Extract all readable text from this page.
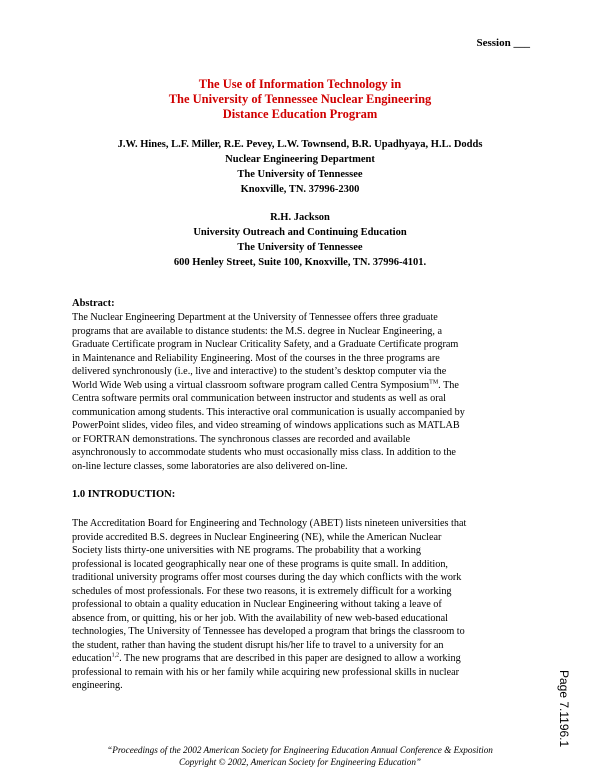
Session ___
The Use of Information Technology in
The University of Tennessee Nuclear Engineering
Distance Education Program
J.W. Hines, L.F. Miller, R.E. Pevey, L.W. Townsend, B.R. Upadhyaya, H.L. Dodds
Nuclear Engineering Department
The University of Tennessee
Knoxville, TN. 37996-2300
R.H. Jackson
University Outreach and Continuing Education
The University of Tennessee
600 Henley Street, Suite 100, Knoxville, TN. 37996-4101.
Abstract:
The Nuclear Engineering Department at the University of Tennessee offers three graduate
programs that are available to distance students: the M.S. degree in Nuclear Engineering, a
Graduate Certificate program in Nuclear Criticality Safety, and a Graduate Certificate program
in Maintenance and Reliability Engineering. Most of the courses in the three programs are
delivered synchronously (i.e., live and interactive) to the student’s desktop computer via the
World Wide Web using a virtual classroom software program called Centra Symposium™. The
Centra software permits oral communication between instructor and students as well as oral
communication among students. This interactive oral communication is usually accompanied by
PowerPoint slides, video files, and video streaming of windows applications such as MATLAB
or FORTRAN demonstrations. The synchronous classes are recorded and available
asynchronously to accommodate students who must occasionally miss class. In addition to the
on-line lecture classes, some laboratories are also delivered on-line.
1.0 INTRODUCTION:
The Accreditation Board for Engineering and Technology (ABET) lists nineteen universities that
provide accredited B.S. degrees in Nuclear Engineering (NE), while the American Nuclear
Society lists thirty-one universities with NE programs. The probability that a working
professional is located geographically near one of these programs is quite small. In addition,
traditional university programs offer most courses during the day which conflicts with the work
schedules of most professionals. For these two reasons, it is extremely difficult for a working
professional to obtain a quality education in Nuclear Engineering without taking a leave of
absence from, or quitting, his or her job. With the availability of new web-based educational
technologies, The University of Tennessee has developed a program that brings the classroom to
the student, rather than having the student disrupt his/her life to travel to a university for an
education$^{1,2}$. The new programs that are described in this paper are designed to allow a working
professional to remain with his or her family while acquiring new professional skills in nuclear
engineering.
“Proceedings of the 2002 American Society for Engineering Education Annual Conference & Exposition
Copyright © 2002, American Society for Engineering Education”
Page 7.1196.1
